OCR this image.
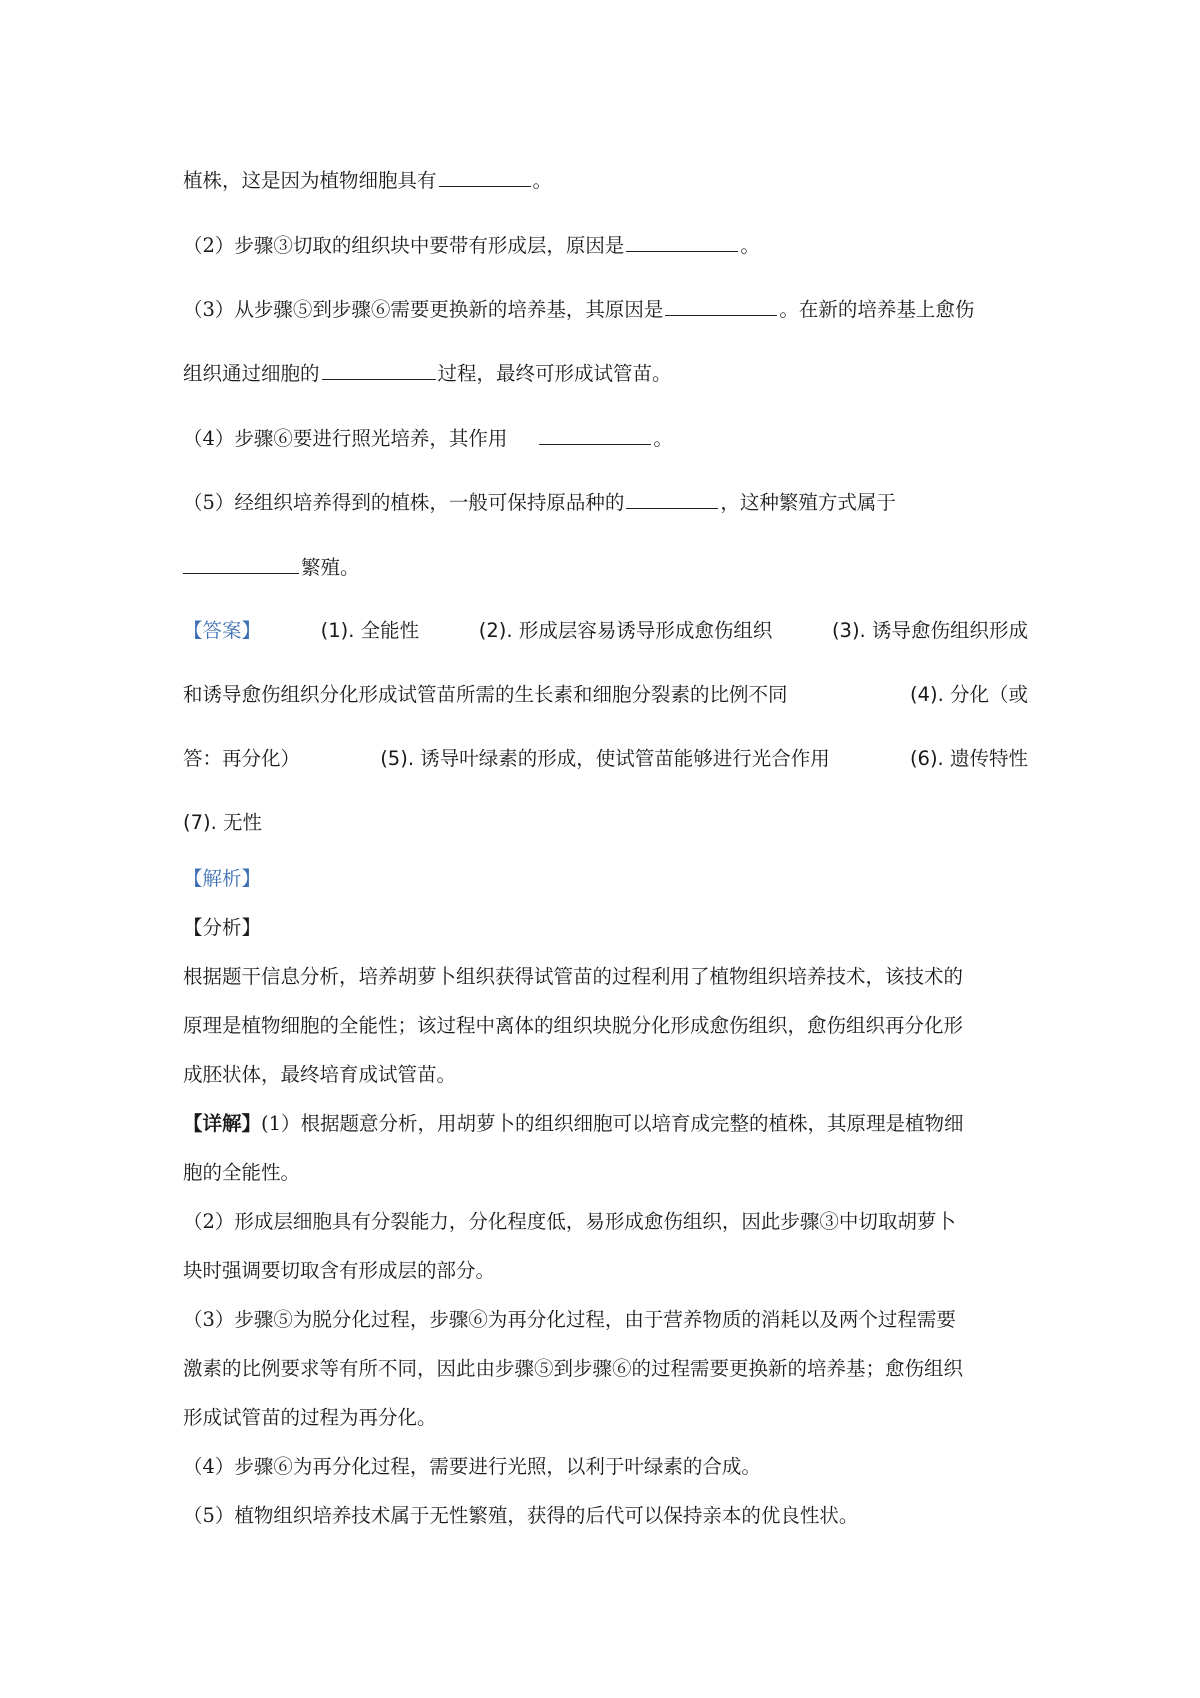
植株，这是因为植物细胞具有	。
（2）步骤③切取的组织块中要带有形成层，原因是	。
（3）从步骤⑤到步骤⑥需要更换新的培养基，其原因是	。在新的培养基上愈伤
组织通过细胞的	过程，最终可形成试管苗。
（4）步骤⑥要进行照光培养，其作用	。
（5）经组织培养得到的植株，一般可保持原品种的	，这种繁殖方式属于
繁殖。
【答案】	(1). 全能性	(2). 形成层容易诱导形成愈伤组织	(3). 诱导愈伤组织形成
和诱导愈伤组织分化形成试管苗所需的生长素和细胞分裂素的比例不同	(4). 分化（或
答：再分化）	(5). 诱导叶绿素的形成，使试管苗能够进行光合作用	(6). 遗传特性
(7). 无性
【解析】
【分析】
根据题干信息分析，培养胡萝卜组织获得试管苗的过程利用了植物组织培养技术，该技术的
原理是植物细胞的全能性；该过程中离体的组织块脱分化形成愈伤组织，愈伤组织再分化形
成胚状体，最终培育成试管苗。
【详解】(1）根据题意分析，用胡萝卜的组织细胞可以培育成完整的植株，其原理是植物细
胞的全能性。
（2）形成层细胞具有分裂能力，分化程度低，易形成愈伤组织，因此步骤③中切取胡萝卜
块时强调要切取含有形成层的部分。
（3）步骤⑤为脱分化过程，步骤⑥为再分化过程，由于营养物质的消耗以及两个过程需要
激素的比例要求等有所不同，因此由步骤⑤到步骤⑥的过程需要更换新的培养基；愈伤组织
形成试管苗的过程为再分化。
（4）步骤⑥为再分化过程，需要进行光照，以利于叶绿素的合成。
（5）植物组织培养技术属于无性繁殖，获得的后代可以保持亲本的优良性状。
